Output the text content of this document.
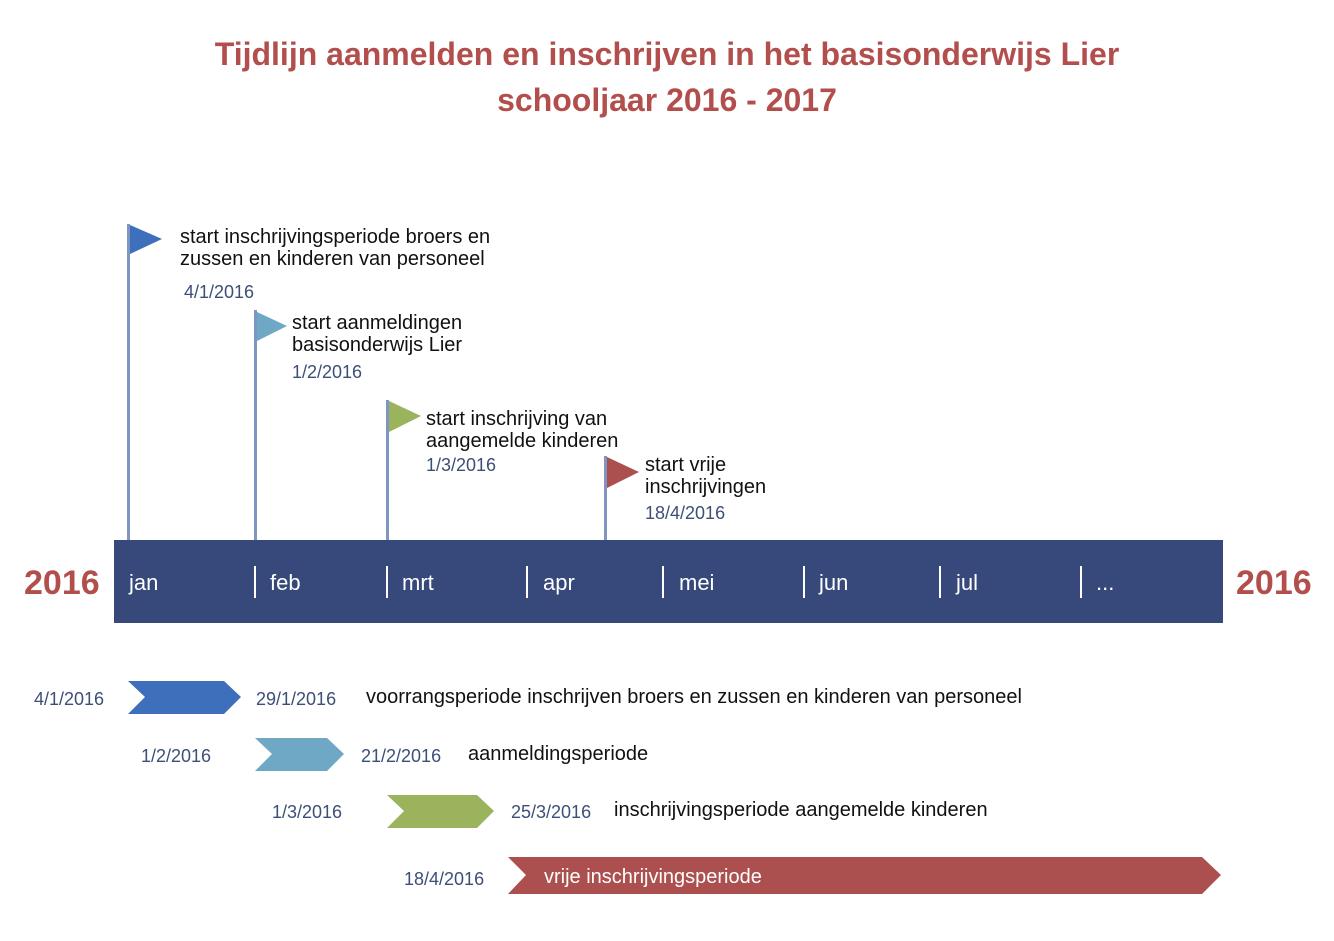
Tijdlijn aanmelden en inschrijven in het basisonderwijs Lier
schooljaar 2016 - 2017
start inschrijvingsperiode broers en
zussen en kinderen van personeel
4/1/2016
start aanmeldingen
basisonderwijs Lier
1/2/2016
start inschrijving van
aangemelde kinderen
1/3/2016	start vrije
inschrijvingen
18/4/2016
2016	2016
jan	feb	mrt	apr	mei	jun	jul	...
4/1/2016	29/1/2016 voorrangsperiode inschrijven broers en zussen en kinderen van personeel
1/2/2016	21/2/2016 aanmeldingsperiode
1/3/2016	25/3/2016 inschrijvingsperiode aangemelde kinderen
18/4/2016	vrije inschrijvingsperiode
